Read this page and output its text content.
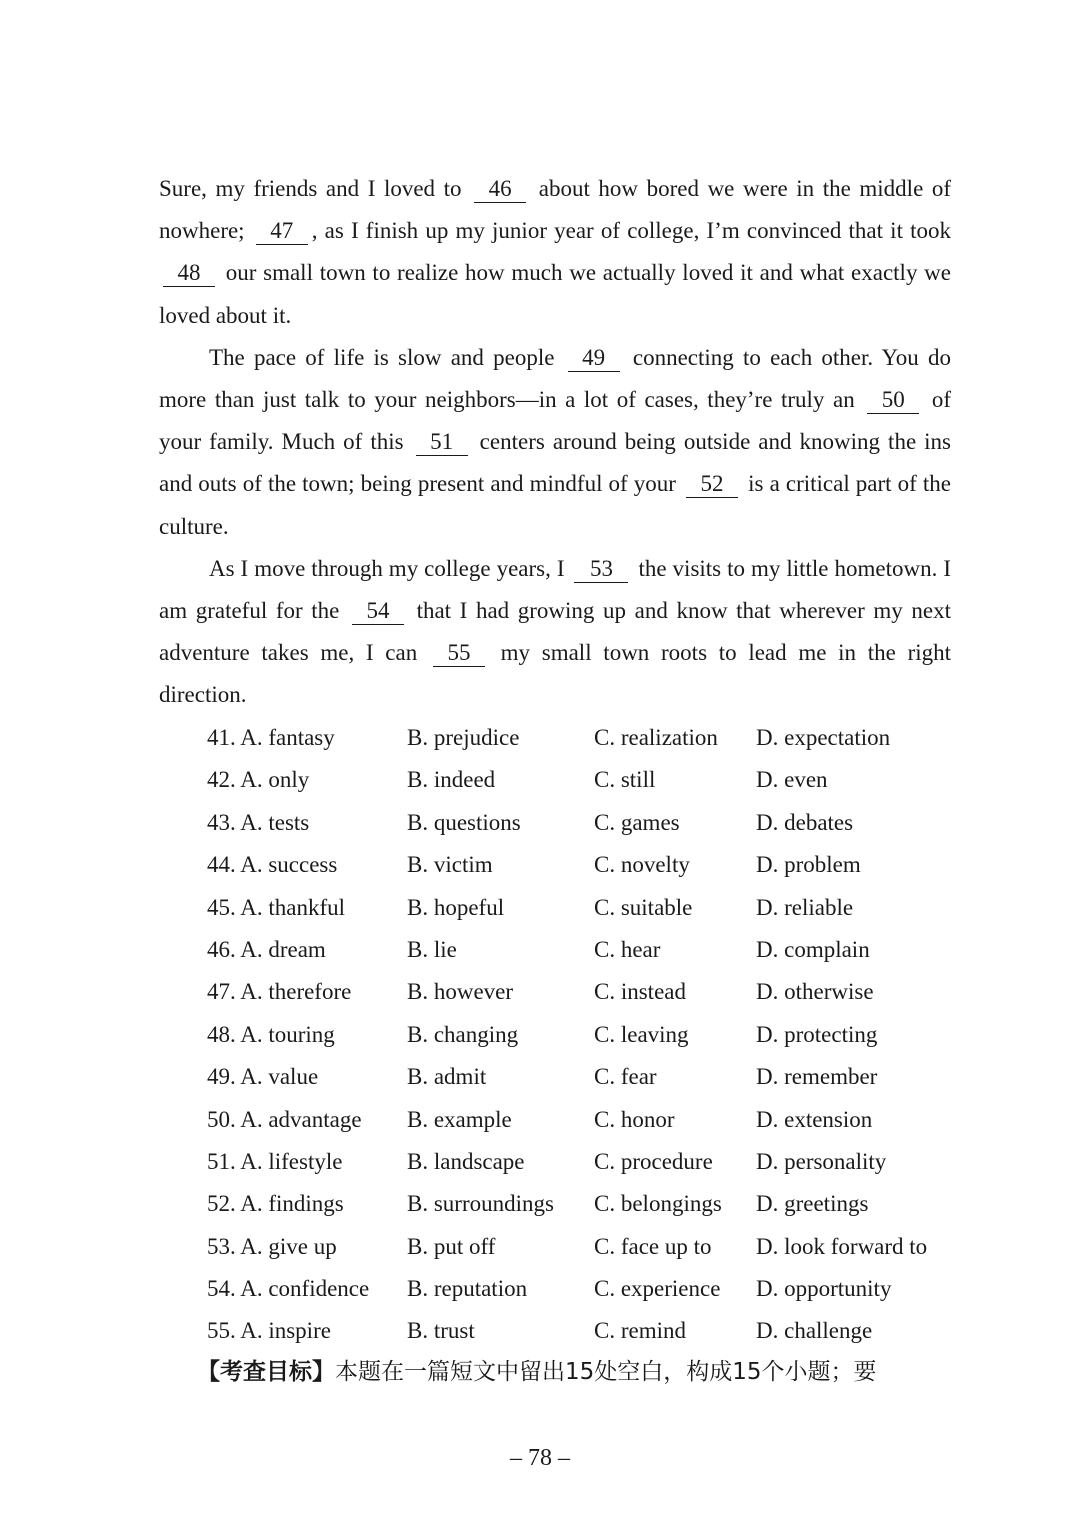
Sure, my friends and I loved to 46 about how bored we were in the middle of nowhere; 47 , as I finish up my junior year of college, I’m convinced that it took 48 our small town to realize how much we actually loved it and what exactly we loved about it.

The pace of life is slow and people 49 connecting to each other. You do more than just talk to your neighbors—in a lot of cases, they’re truly an 50 of your family. Much of this 51 centers around being outside and knowing the ins and outs of the town; being present and mindful of your 52 is a critical part of the culture.

As I move through my college years, I 53 the visits to my little hometown. I am grateful for the 54 that I had growing up and know that wherever my next adventure takes me, I can 55 my small town roots to lead me in the right direction.

41. A. fantasy	B. prejudice	C. realization D. expectation
42. A. only	B. indeed	C. still	D. even
43. A. tests	B. questions	C. games	D. debates
44. A. success	B. victim	C. novelty	D. problem
45. A. thankful	B. hopeful	C. suitable	D. reliable
46. A. dream	B. lie	C. hear	D. complain
47. A. therefore B. however	C. instead	D. otherwise
48. A. touring	B. changing	C. leaving	D. protecting
49. A. value	B. admit	C. fear	D. remember
50. A. advantage B. example	C. honor	D. extension
51. A. lifestyle	B. landscape	C. procedure D. personality
52. A. findings	B. surroundings C. belongings D. greetings
53. A. give up	B. put off	C. face up to D. look forward to
54. A. confidence B. reputation	C. experience D. opportunity
55. A. inspire	B. trust	C. remind	D. challenge
【考查目标】本题在一篇短文中留出15处空白，构成15个小题；要
– 78 –
